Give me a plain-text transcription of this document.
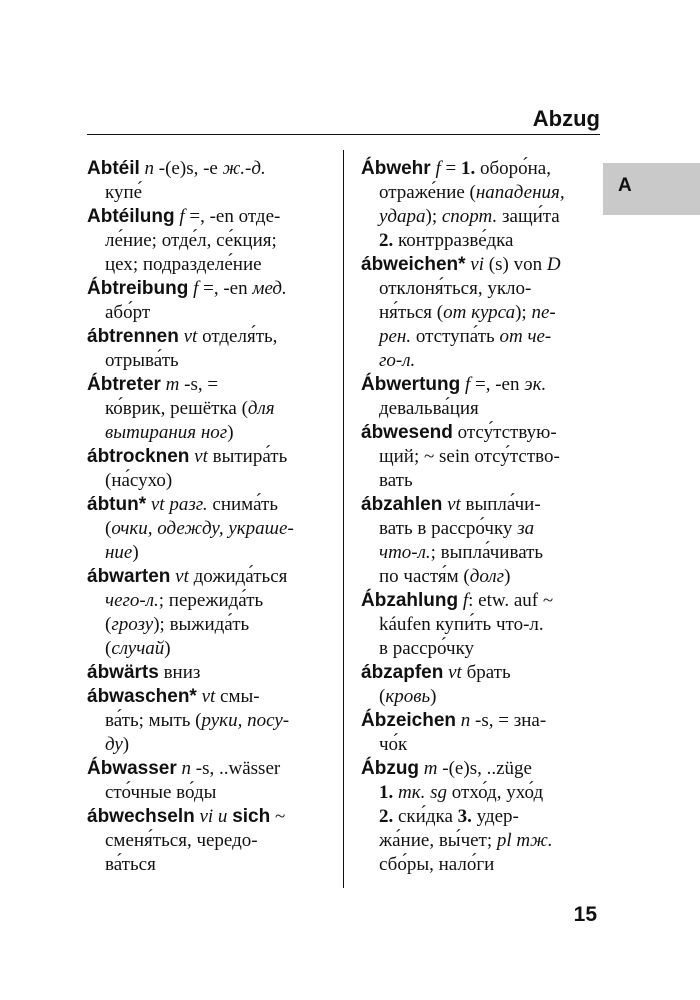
Abzug
A
Abtéil n -(e)s, -e ж.-д.
купе́
Abtéilung f =, -en отде-
ле́ние; отде́л, се́кция;
цех; подразделе́ние
Ábtreibung f =, -en мед.
або́рт
ábtrennen vt отделя́ть,
отрыва́ть
Ábtreter m -s, =
ко́врик, решётка (для
вытирания ног)
ábtrocknen vt вытира́ть
(на́сухо)
ábtun* vt разг. снима́ть
(очки, одежду, украше-
ние)
ábwarten vt дожида́ться
чего-л.; пережида́ть
(грозу); выжида́ть
(случай)
ábwärts вниз
ábwaschen* vt смы-
ва́ть; мыть (руки, посу-
ду)
Ábwasser n -s, ..wässer
сто́чные во́ды
ábwechseln vi u sich ~
сменя́ться, чередо-
ва́ться
Ábwehr f = 1. оборо́на,
отраже́ние (нападения,
удара); спорт. защи́та
2. контрразве́дка
ábweichen* vi (s) von D
отклоня́ться, укло-
ня́ться (от курса); пе-
рен. отступа́ть от че-
го-л.
Ábwertung f =, -en эк.
девальва́ция
ábwesend отсу́тствую-
щий; ~ sein отсу́тство-
вать
ábzahlen vt выпла́чи-
вать в рассро́чку за
что-л.; выпла́чивать
по частя́м (долг)
Ábzahlung f: etw. auf ~
káufen купи́ть что-л.
в рассро́чку
ábzapfen vt брать
(кровь)
Ábzeichen n -s, = зна-
чо́к
Ábzug m -(e)s, ..züge
1. тк. sg отхо́д, ухо́д
2. ски́дка 3. удер-
жа́ние, вы́чет; pl тж.
сбо́ры, нало́ги
15
